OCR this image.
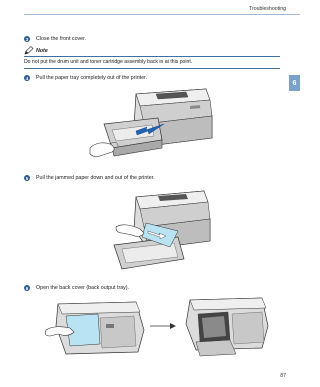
Troubleshooting
6
3	Close the front cover.
Note
Do not put the drum unit and toner cartridge assembly back in at this point.
4	Pull the paper tray completely out of the printer.
5	Pull the jammed paper down and out of the printer.
6	Open the back cover (back output tray).
87
